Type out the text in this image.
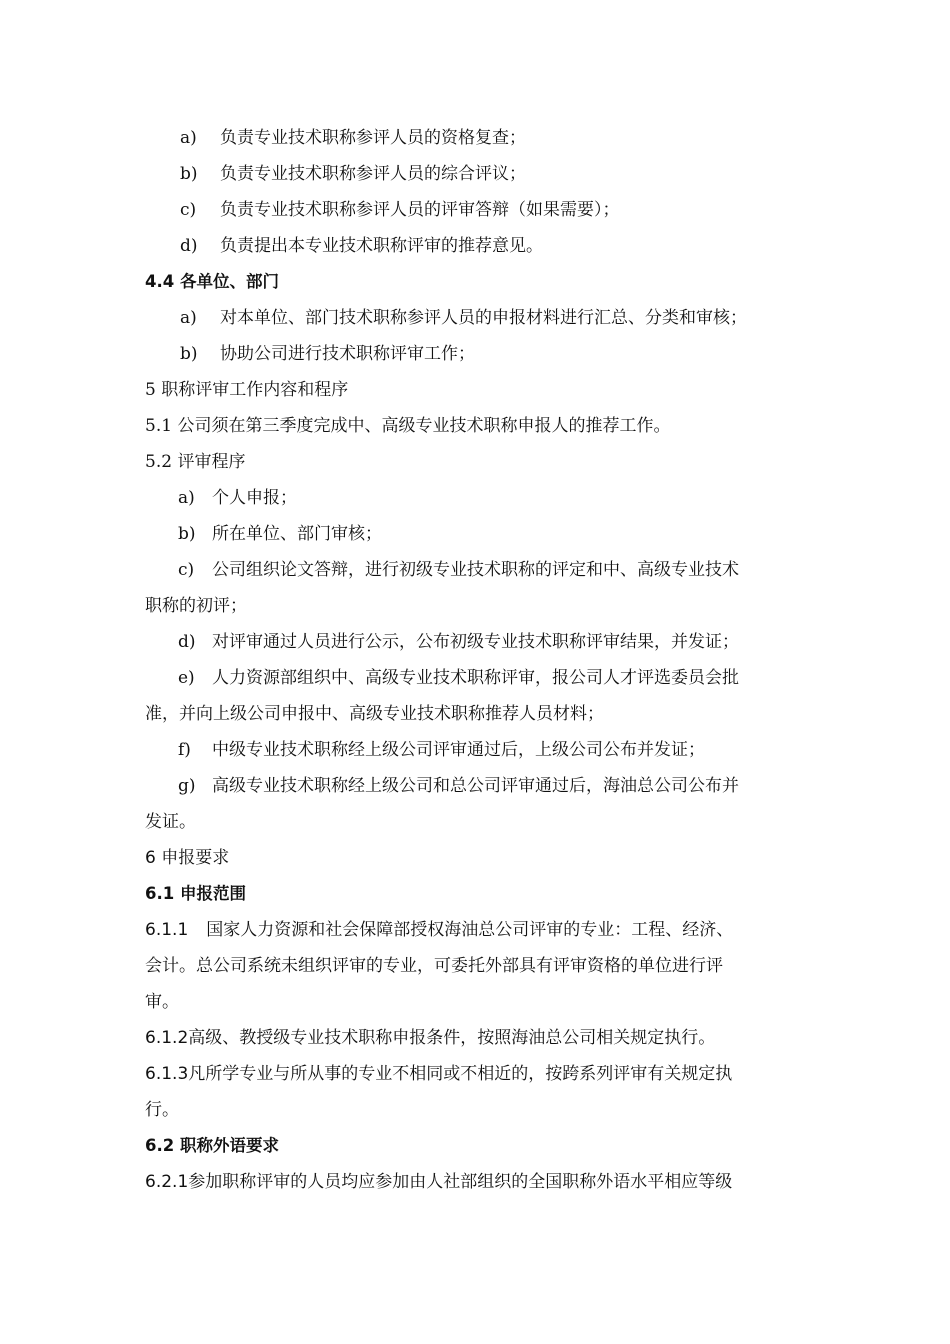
a) 负责专业技术职称参评人员的资格复查；
b) 负责专业技术职称参评人员的综合评议；
c) 负责专业技术职称参评人员的评审答辩（如果需要）；
d) 负责提出本专业技术职称评审的推荐意见。
4.4 各单位、部门
a) 对本单位、部门技术职称参评人员的申报材料进行汇总、分类和审核；
b) 协助公司进行技术职称评审工作；
5 职称评审工作内容和程序
5.1 公司须在第三季度完成中、高级专业技术职称申报人的推荐工作。
5.2 评审程序
a) 个人申报；
b) 所在单位、部门审核；
c) 公司组织论文答辩，进行初级专业技术职称的评定和中、高级专业技术
职称的初评；
d) 对评审通过人员进行公示，公布初级专业技术职称评审结果，并发证；
e) 人力资源部组织中、高级专业技术职称评审，报公司人才评选委员会批
准，并向上级公司申报中、高级专业技术职称推荐人员材料；
f) 中级专业技术职称经上级公司评审通过后，上级公司公布并发证；
g) 高级专业技术职称经上级公司和总公司评审通过后，海油总公司公布并
发证。
6 申报要求
6.1 申报范围
6.1.1 国家人力资源和社会保障部授权海油总公司评审的专业：工程、经济、
会计。总公司系统未组织评审的专业，可委托外部具有评审资格的单位进行评
审。
6.1.2高级、教授级专业技术职称申报条件，按照海油总公司相关规定执行。
6.1.3凡所学专业与所从事的专业不相同或不相近的，按跨系列评审有关规定执
行。
6.2 职称外语要求
6.2.1参加职称评审的人员均应参加由人社部组织的全国职称外语水平相应等级
